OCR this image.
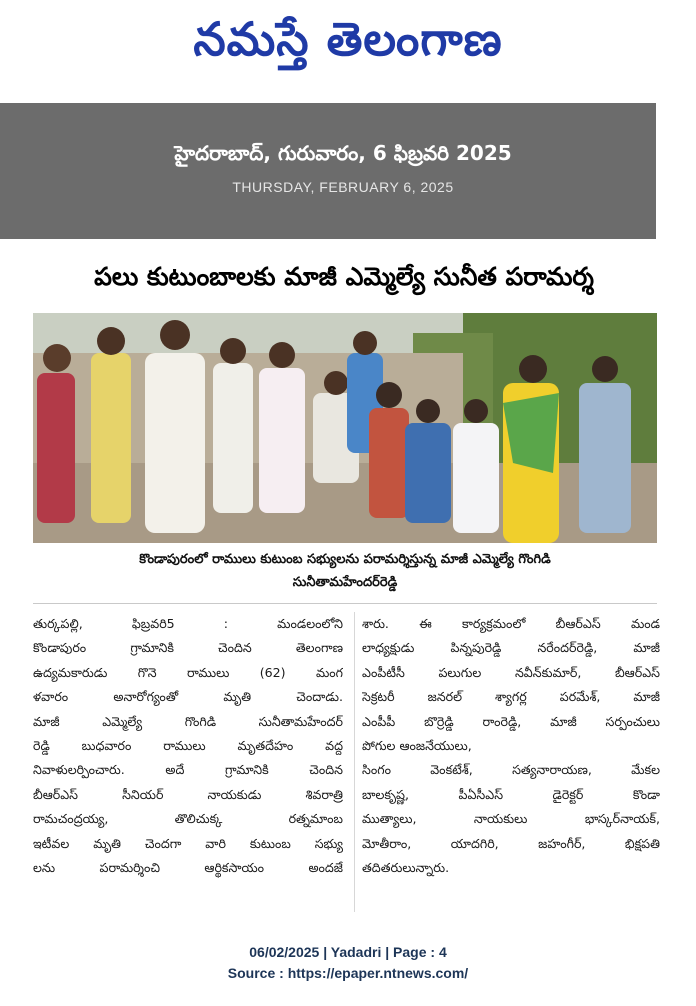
నమస్తే తెలంగాణ
హైదరాబాద్, గురువారం, 6 ఫిబ్రవరి 2025
THURSDAY, FEBRUARY 6, 2025
పలు కుటుంబాలకు మాజీ ఎమ్మెల్యే సునీత పరామర్శ
కొండాపురంలో రాములు కుటుంబ సభ్యులను పరామర్శిస్తున్న మాజీ ఎమ్మెల్యే గొంగిడి
సునీతామహేందర్‌రెడ్డి
తుర్కపల్లి, ఫిబ్రవరి5 : మండలంలోని
కొండాపురం గ్రామానికి చెందిన తెలంగాణ
ఉద్యమకారుడు గొనె రాములు (62) మంగ
ళవారం అనారోగ్యంతో మృతి చెందాడు.
మాజీ ఎమ్మెల్యే గొంగిడి సునీతామహేందర్‌
రెడ్డి బుధవారం రాములు మృతదేహం వద్ద
నివాళులర్పించారు. అదే గ్రామానికి చెందిన
బీఆర్‌ఎస్ సీనియర్ నాయకుడు శివరాత్రి
రామచంద్రయ్య, తొలిచుక్క రత్నమాంబ
ఇటీవల మృతి చెందగా వారి కుటుంబ సభ్యు
లను పరామర్శించి ఆర్థికసాయం అందజే
శారు. ఈ కార్యక్రమంలో బీఆర్‌ఎస్ మండ
లాధ్యక్షుడు పిన్నపురెడ్డి నరేందర్‌రెడ్డి, మాజీ
ఎంపీటీసీ పలుగుల నవీన్‌కుమార్, బీఆర్‌ఎస్
సెక్రటరీ జనరల్ శ్యాగర్ల పరమేశ్, మాజీ
ఎంపీపీ బొర్రెడ్డి రాంరెడ్డి, మాజీ సర్పంచులు
పోగుల ఆంజనేయులు,
సింగం వెంకటేశ్, సత్యనారాయణ, మేకల
బాలకృష్ణ, పీఏసీఎస్ డైరెక్టర్ కొండా
ముత్యాలు, నాయకులు భాస్కర్‌నాయక్,
మోతీరాం, యాదగిరి, జహంగీర్, భిక్షపతి
తదితరులున్నారు.
06/02/2025 | Yadadri | Page : 4
Source : https://epaper.ntnews.com/
